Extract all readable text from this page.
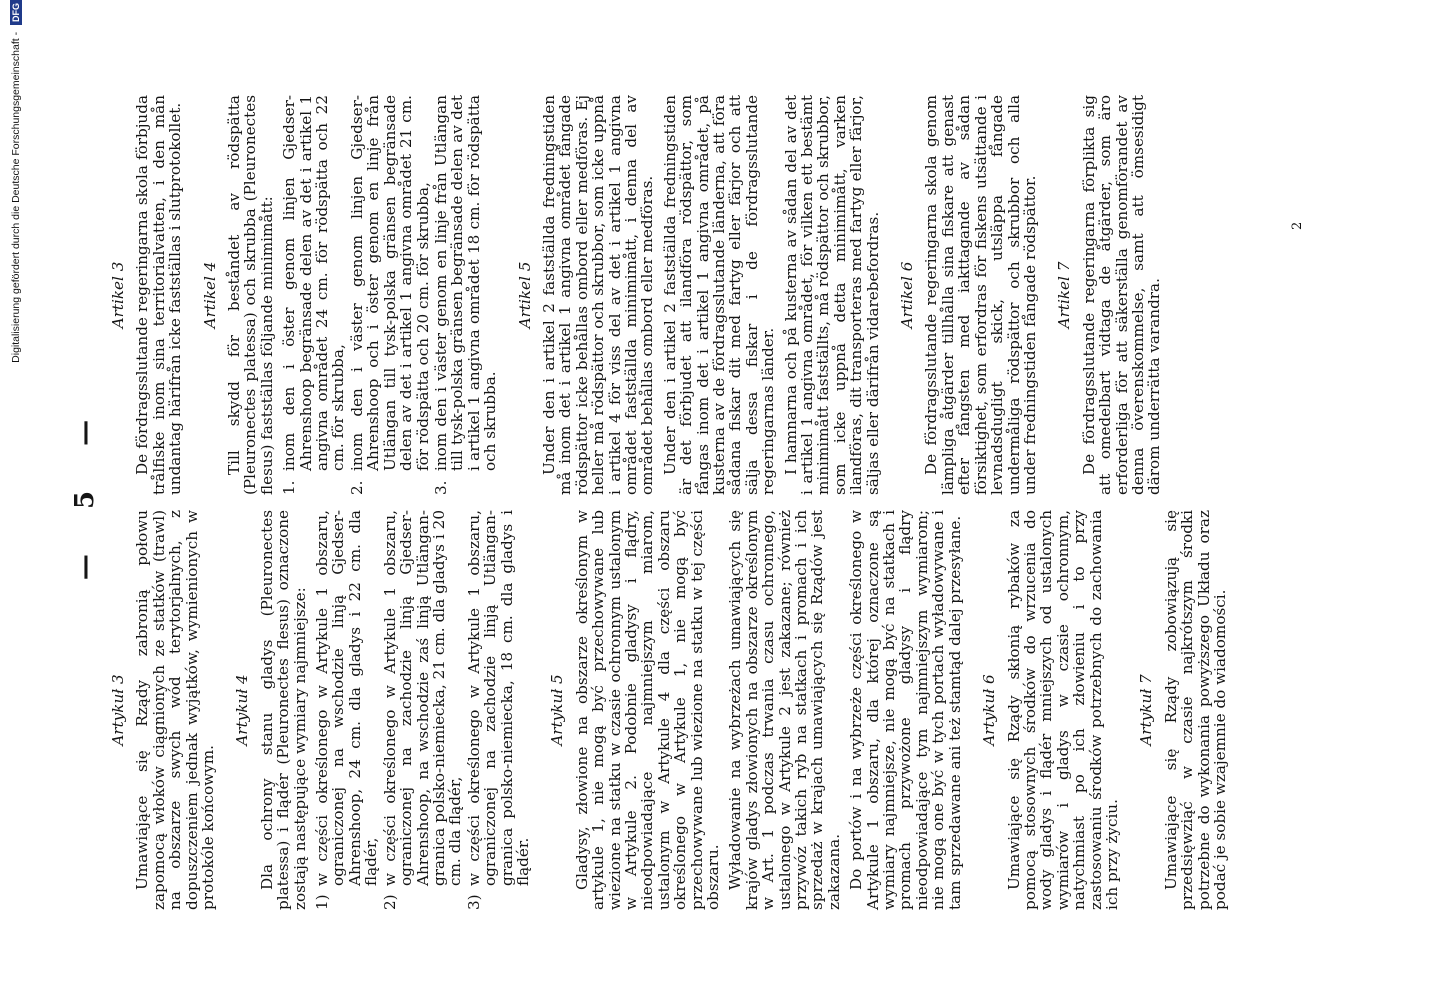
Digitalisierung gefördert durch die Deutsche Forschungsgemeinschaft - DFG
— 5 —
Artykuł 3 Umawiające się Rządy zabronią połowu zapomocą włoków ciągnionych ze statków (trawl) na obszarze swych wód terytorjalnych, z dopuszczeniem jednak wyjątków, wymienionych w protokóle końcowym.

Artykuł 4 Dla ochrony stanu gladys (Pleuronectes platessa) i flądér (Pleuronectes flesus) oznaczone zostają następujące wymiary najmniejsze: 1)
w części określonego w Artykule 1 obszaru, ograniczonej na wschodzie linją Gjedser-Ahrenshoop, 24 cm. dla gladys i 22 cm. dla flądér,
2)
w części określonego w Artykule 1 obszaru, ograniczonej na zachodzie linją Gjedser-Ahrenshoop, na wschodzie zaś linją Utlängan-granica polsko-niemiecka, 21 cm. dla gladys i 20 cm. dla flądér,
3)
w części określonego w Artykule 1 obszaru, ograniczonej na zachodzie linją Utlängan-granica polsko-niemiecka, 18 cm. dla gladys i flądér.
Artykuł 5 Gladysy, złowione na obszarze określonym w artykule 1, nie mogą być przechowywane lub wiezione na statku w czasie ochronnym ustalonym w Artykule 2. Podobnie gladysy i flądry, nieodpowiadające najmniejszym miarom, ustalonym w Artykule 4 dla części obszaru określonego w Artykule 1, nie mogą być przechowywane lub wiezione na statku w tej części obszaru. Wyładowanie na wybrzeżach umawiających się krajów gladys złowionych na obszarze określonym w Art. 1 podczas trwania czasu ochronnego, ustalonego w Artykule 2 jest zakazane; również przywóz takich ryb na statkach i promach i ich sprzedaż w krajach umawiających się Rządów jest zakazana. Do portów i na wybrzeże części określonego w Artykule 1 obszaru, dla której oznaczone są wymiary najmniejsze, nie mogą być na statkach i promach przywożone gladysy i flądry nieodpowiadające tym najmniejszym wymiarom; nie mogą one być w tych portach wyładowywane i tam sprzedawane ani też stamtąd dalej przesyłane. Artykuł 6 Umawiające się Rządy skłonią rybaków za pomocą stosownych środków do wrzucenia do wody gladys i flądér mniejszych od ustalonych wymiarów i gladys w czasie ochronnym, natychmiast po ich złowieniu i to przy zastosowaniu środków potrzebnych do zachowania ich przy życiu.

Artykuł 7 Umawiające się Rządy zobowiązują się przedsięwziąć w czasie najkrótszym środki potrzebne do wykonania powyższego Układu oraz podać je sobie wzajemnie do wiadomości.

Artikel 3 De fördragsslutande regeringarna skola förbjuda trålfiske inom sina territorialvatten, i den mån undantag härifrån icke fastställas i slutprotokollet. Artikel 4 Till skydd för beståndet av rödspätta (Pleuronectes platessa) och skrubba (Pleuronectes flesus) fastställas följande minimimått: 1.
inom den i öster genom linjen Gjedser-Ahrenshoop begränsade delen av det i artikel 1 angivna området 24 cm. för rödspätta och 22 cm. för skrubba,
2.
inom den i väster genom linjen Gjedser-Ahrenshoop och i öster genom en linje från Utlängan till tysk-polska gränsen begränsade delen av det i artikel 1 angivna området 21 cm. för rödspätta och 20 cm. för skrubba,
3.
inom den i väster genom en linje från Utlängan till tysk-polska gränsen begränsade delen av det i artikel 1 angivna området 18 cm. för rödspätta och skrubba.
Artikel 5 Under den i artikel 2 fastställda fredningstiden må inom det i artikel 1 angivna området fångade rödspättor icke behållas ombord eller medföras. Ej heller må rödspättor och skrubbor, som icke uppnå i artikel 4 för viss del av det i artikel 1 angivna området fastställda minimimått, i denna del av området behållas ombord eller medföras. Under den i artikel 2 fastställda fredningstiden är det förbjudet att ilandföra rödspättor, som fångas inom det i artikel 1 angivna området, på kusterna av de fördragsslutande länderna, att föra sådana fiskar dit med fartyg eller färjor och att sälja dessa fiskar i de fördragsslutande regeringarnas länder. I hamnarna och på kusterna av sådan del av det i artikel 1 angivna området, för vilken ett bestämt minimimått fastställts, må rödspättor och skrubbor, som icke uppnå detta minimimått, varken ilandföras, dit transporteras med fartyg eller färjor, säljas eller därifrån vidarebefordras. Artikel 6 De fördragsslutande regeringarna skola genom lämpliga åtgärder tillhålla sina fiskare att genast efter fångsten med iakttagande av sådan försiktighet, som erfordras för fiskens utsättande i levnadsdugligt skick, utsläppa fångade undermåliga rödspättor och skrubbor och alla under fredningstiden fångade rödspättor. Artikel 7 De fördragsslutande regeringarna förplikta sig att omedelbart vidtaga de åtgärder, som äro erforderliga för att säkerställa genomförandet av denna överenskommelse, samt att ömsesidigt därom underrätta varandra.

2
